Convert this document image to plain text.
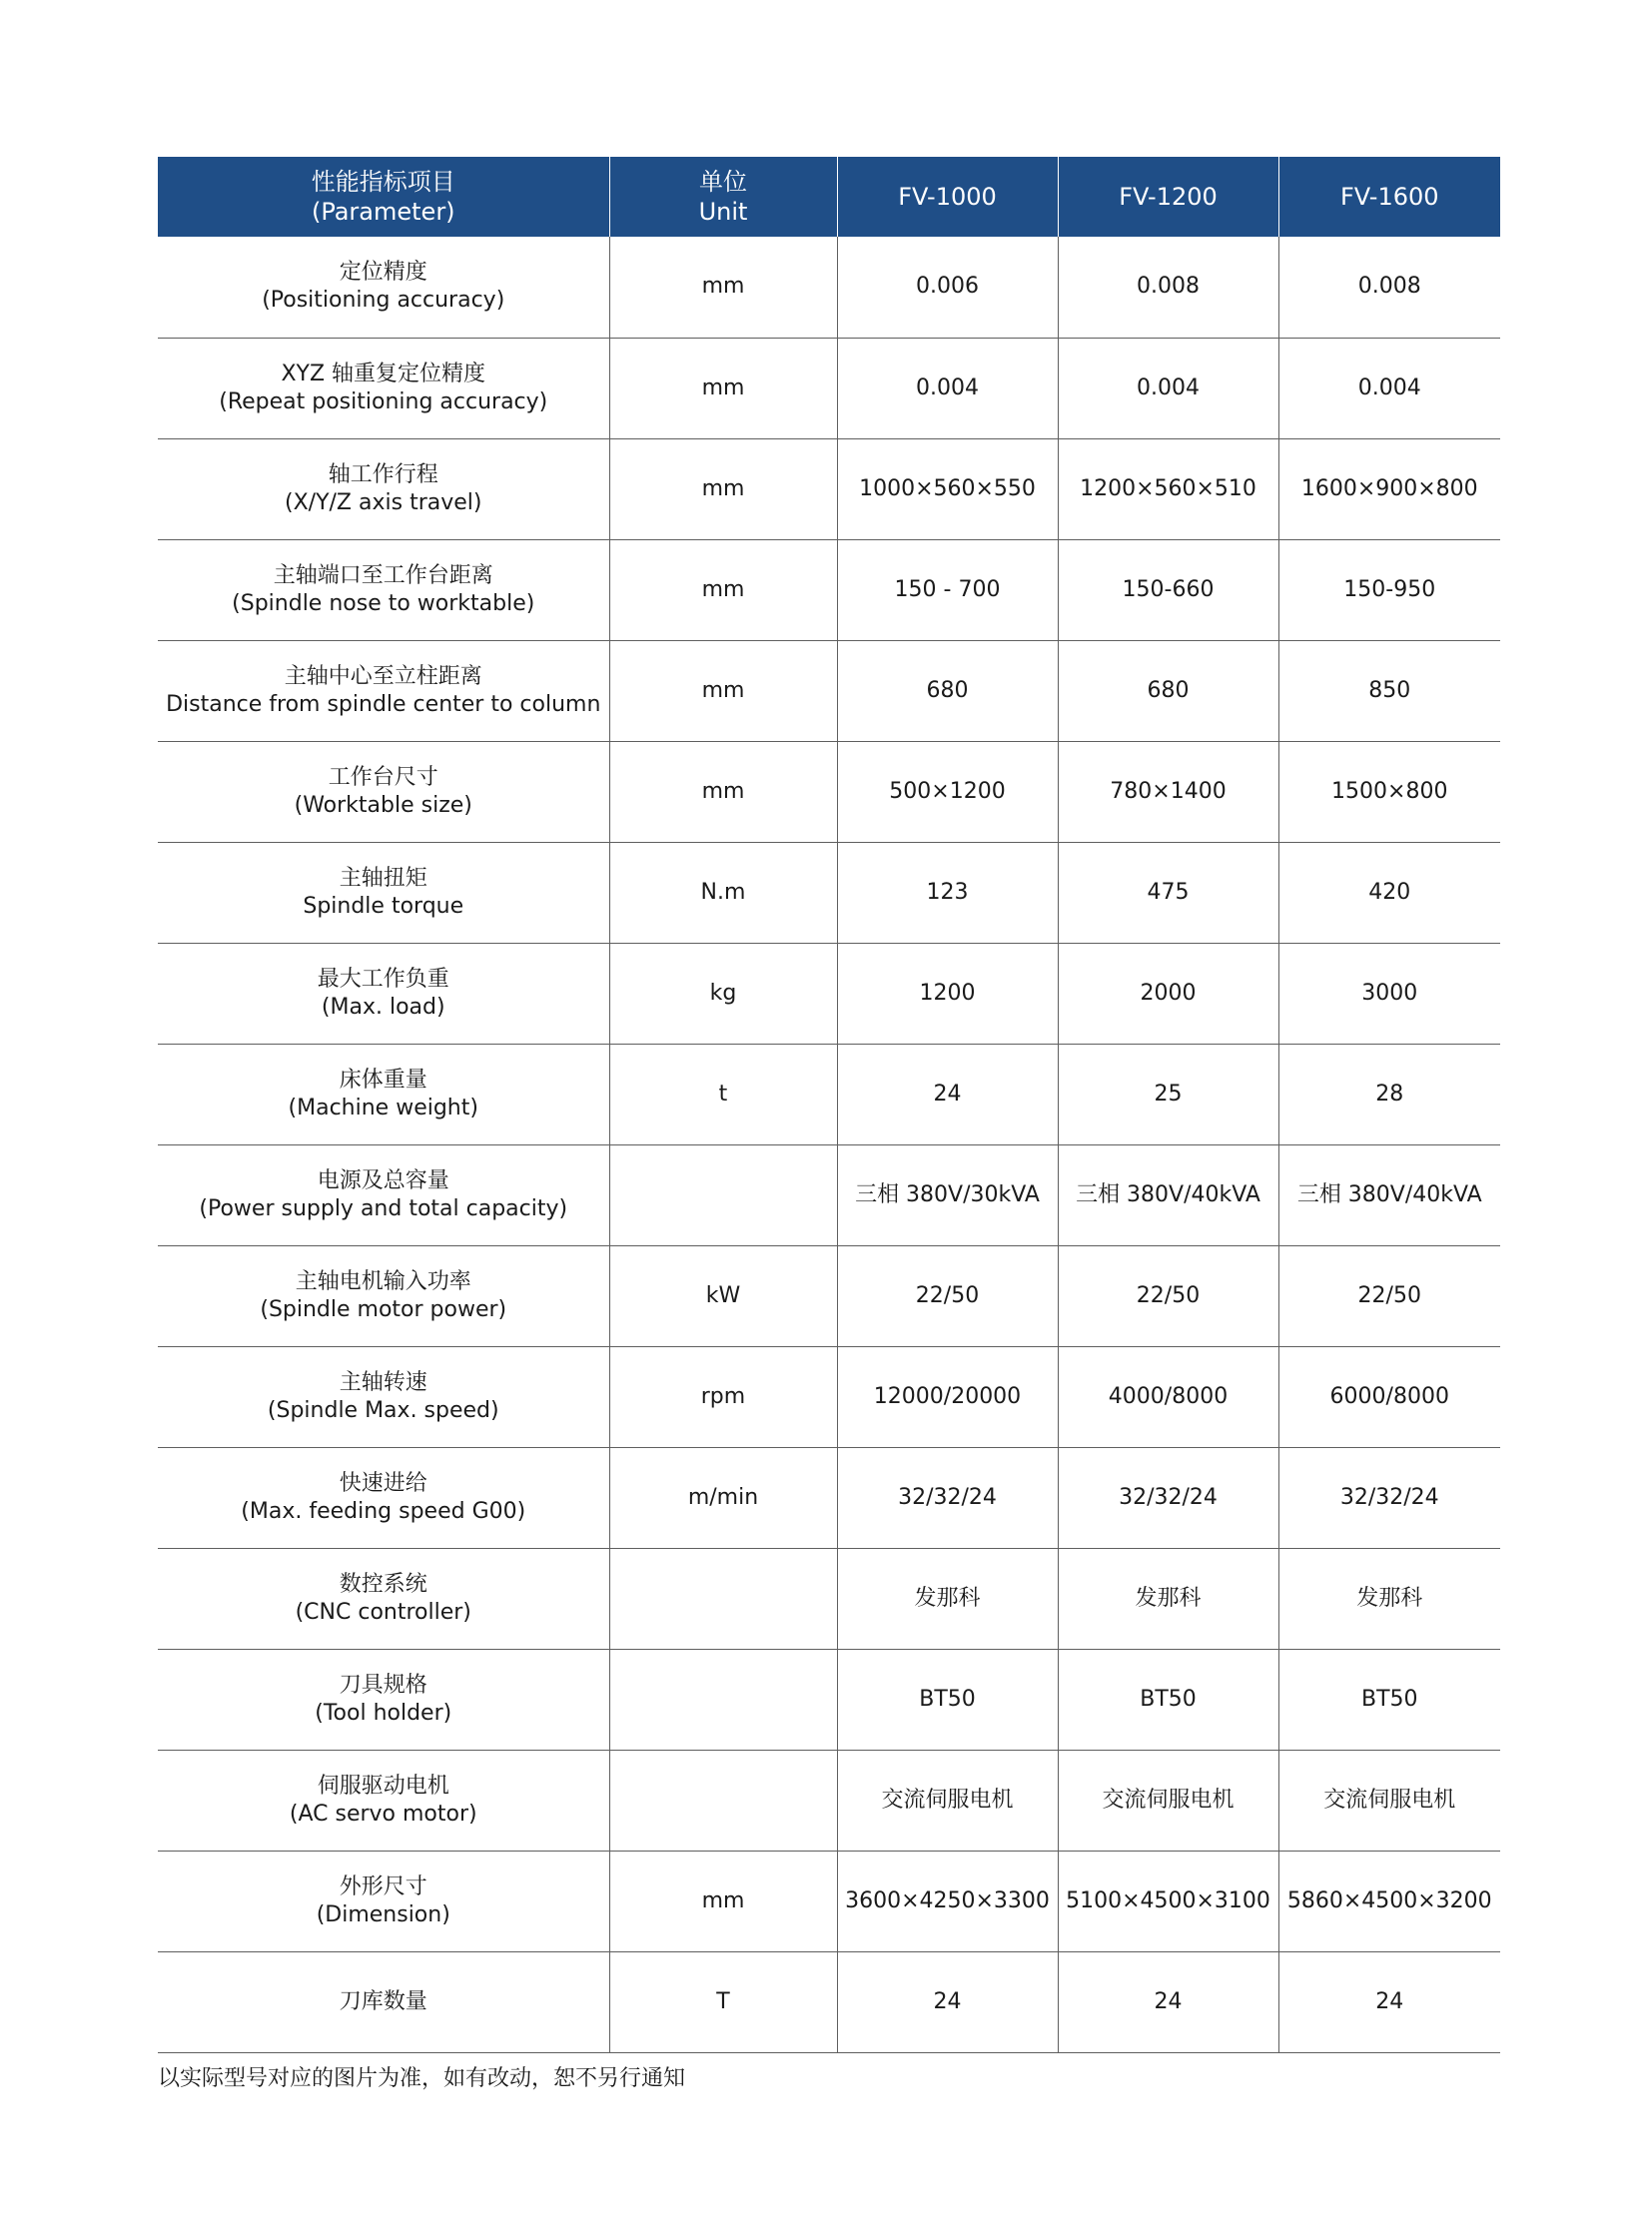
性能指标项目
(Parameter)	单位
Unit	FV-1000	FV-1200	FV-1600

定位精度
(Positioning accuracy)	mm	0.006	0.008	0.008

XYZ 轴重复定位精度
(Repeat positioning accuracy)	mm	0.004	0.004	0.004

轴工作行程
(X/Y/Z axis travel)	mm	1000×560×550	1200×560×510	1600×900×800

主轴端口至工作台距离
(Spindle nose to worktable)	mm	150 - 700	150-660	150-950

主轴中心至立柱距离
Distance from spindle center to column	mm	680	680	850

工作台尺寸
(Worktable size)	mm	500×1200	780×1400	1500×800

主轴扭矩
Spindle torque	N.m	123	475	420

最大工作负重
(Max. load)	kg	1200	2000	3000

床体重量
(Machine weight)	t	24	25	28

电源及总容量
(Power supply and total capacity)		三相 380V/30kVA	三相 380V/40kVA	三相 380V/40kVA

主轴电机输入功率
(Spindle motor power)	kW	22/50	22/50	22/50

主轴转速
(Spindle Max. speed)	rpm	12000/20000	4000/8000	6000/8000

快速进给
(Max. feeding speed G00)	m/min	32/32/24	32/32/24	32/32/24

数控系统
(CNC controller)		发那科	发那科	发那科

刀具规格
(Tool holder)		BT50	BT50	BT50

伺服驱动电机
(AC servo motor)		交流伺服电机	交流伺服电机	交流伺服电机

外形尺寸
(Dimension)	mm	3600×4250×3300	5100×4500×3100	5860×4500×3200

刀库数量	T	24	24	24
以实际型号对应的图片为准，如有改动，恕不另行通知
